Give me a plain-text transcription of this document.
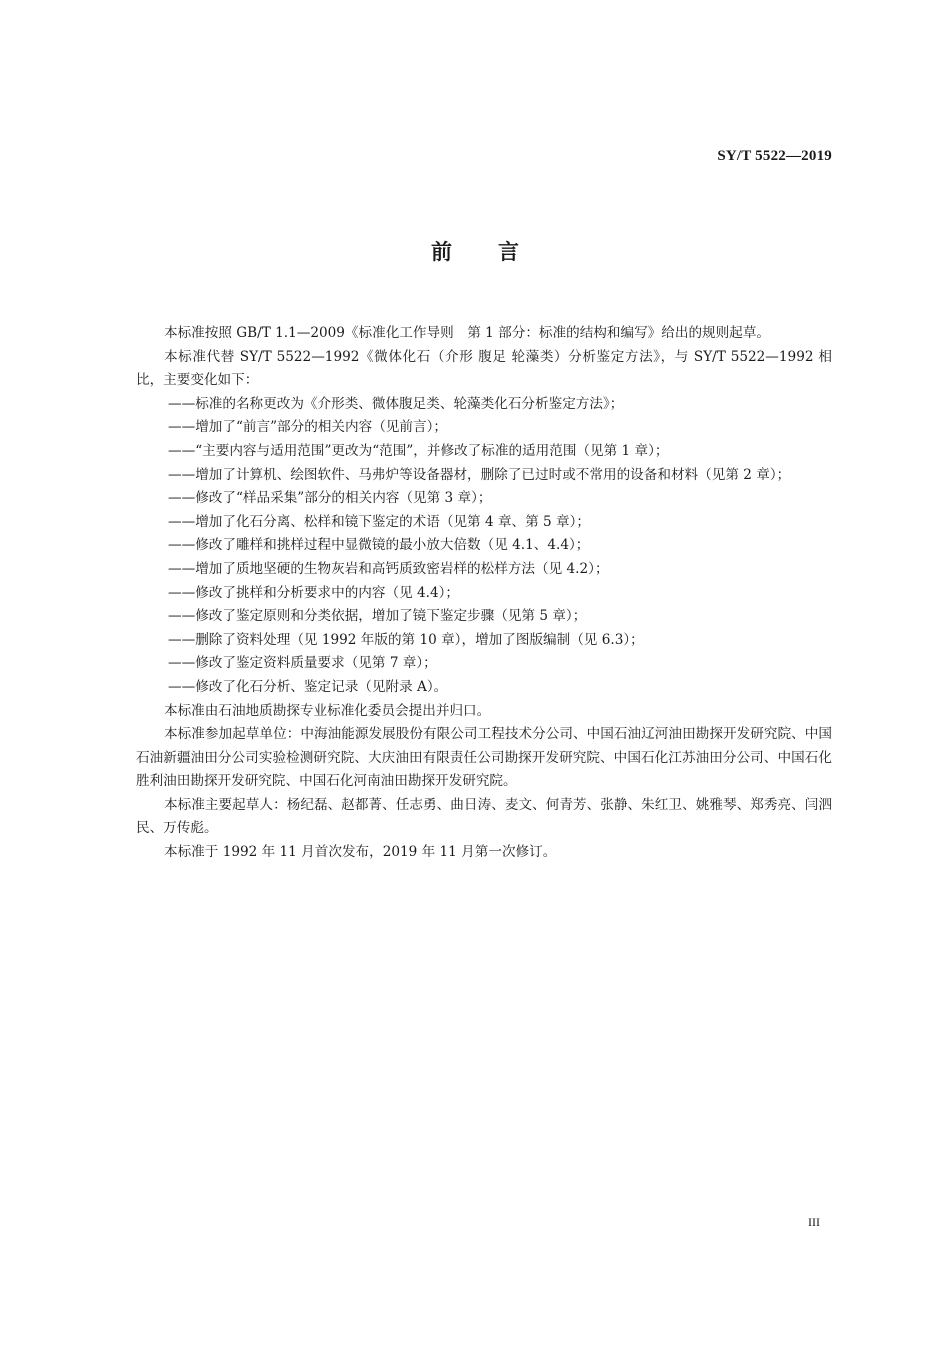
SY/T 5522—2019
前言

本标准按照 GB/T 1.1—2009《标准化工作导则　第 1 部分：标准的结构和编写》给出的规则起草。

本标准代替 SY/T 5522—1992《微体化石（介形 腹足 轮藻类）分析鉴定方法》，与 SY/T 5522—1992 相比，主要变化如下：

——标准的名称更改为《介形类、微体腹足类、轮藻类化石分析鉴定方法》；

——增加了“前言”部分的相关内容（见前言）；

——“主要内容与适用范围”更改为“范围”，并修改了标准的适用范围（见第 1 章）；

——增加了计算机、绘图软件、马弗炉等设备器材，删除了已过时或不常用的设备和材料（见第 2 章）；

——修改了“样品采集”部分的相关内容（见第 3 章）；

——增加了化石分离、松样和镜下鉴定的术语（见第 4 章、第 5 章）；

——修改了雕样和挑样过程中显微镜的最小放大倍数（见 4.1、4.4）；

——增加了质地坚硬的生物灰岩和高钙质致密岩样的松样方法（见 4.2）；

——修改了挑样和分析要求中的内容（见 4.4）；

——修改了鉴定原则和分类依据，增加了镜下鉴定步骤（见第 5 章）；

——删除了资料处理（见 1992 年版的第 10 章），增加了图版编制（见 6.3）；

——修改了鉴定资料质量要求（见第 7 章）；

——修改了化石分析、鉴定记录（见附录 A）。

本标准由石油地质勘探专业标准化委员会提出并归口。

本标准参加起草单位：中海油能源发展股份有限公司工程技术分公司、中国石油辽河油田勘探开发研究院、中国石油新疆油田分公司实验检测研究院、大庆油田有限责任公司勘探开发研究院、中国石化江苏油田分公司、中国石化胜利油田勘探开发研究院、中国石化河南油田勘探开发研究院。

本标准主要起草人：杨纪磊、赵都菁、任志勇、曲日涛、麦文、何青芳、张静、朱红卫、姚雅琴、郑秀亮、闫泗民、万传彪。

本标准于 1992 年 11 月首次发布，2019 年 11 月第一次修订。

III
